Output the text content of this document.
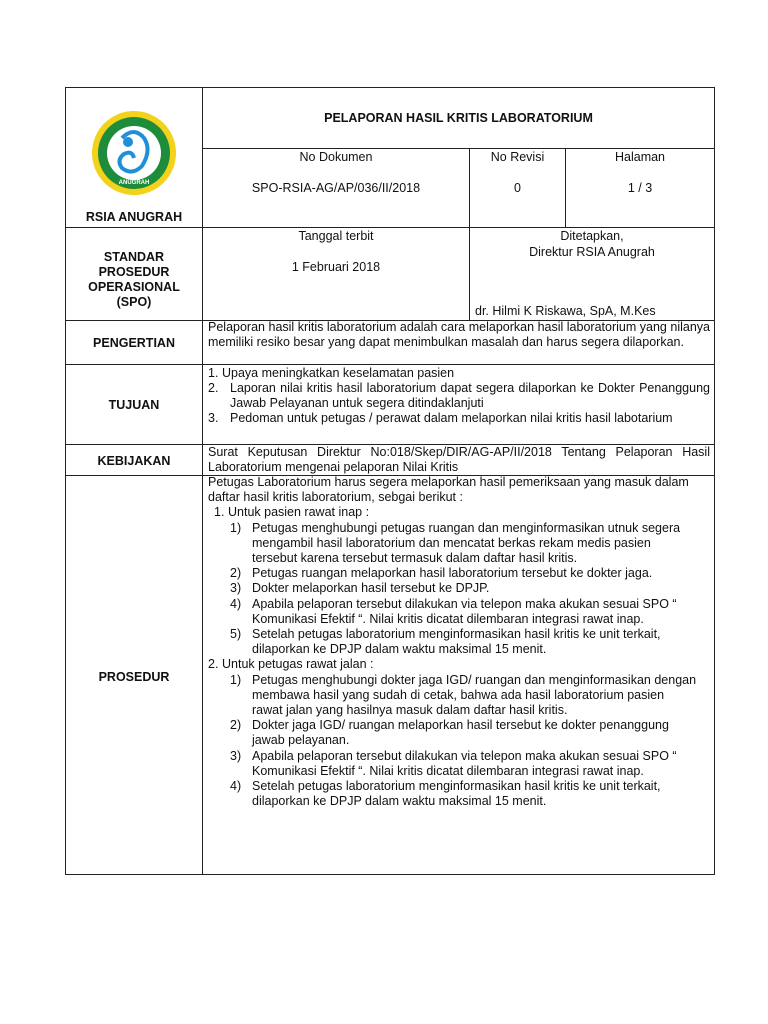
RSIA ANUGRAH
RSIA ANUGRAH
PELAPORAN HASIL KRITIS LABORATORIUM
No Dokumen
SPO-RSIA-AG/AP/036/II/2018
No Revisi
0
Halaman
1 / 3
STANDAR
PROSEDUR
OPERASIONAL
(SPO)
Tanggal terbit
1 Februari 2018
Ditetapkan,
Direktur RSIA Anugrah
dr. Hilmi K Riskawa, SpA, M.Kes
PENGERTIAN
Pelaporan hasil kritis laboratorium adalah cara melaporkan hasil laboratorium yang nilanya memiliki resiko besar yang dapat menimbulkan masalah dan harus segera dilaporkan.
TUJUAN
1. Upaya meningkatkan keselamatan pasien
2. Laporan nilai kritis hasil laboratorium dapat segera dilaporkan ke Dokter Penanggung Jawab Pelayanan untuk segera ditindaklanjuti
3. Pedoman untuk petugas / perawat dalam melaporkan nilai kritis hasil labotarium
KEBIJAKAN
Surat Keputusan Direktur No:018/Skep/DIR/AG-AP/II/2018 Tentang Pelaporan Hasil Laboratorium mengenai pelaporan Nilai Kritis
PROSEDUR
Petugas Laboratorium harus segera melaporkan hasil pemeriksaan yang masuk dalam daftar hasil kritis laboratorium, sebgai berikut :
1. Untuk pasien rawat inap :
1) Petugas menghubungi petugas ruangan dan menginformasikan utnuk segera mengambil hasil laboratorium dan mencatat berkas rekam medis pasien tersebut karena tersebut termasuk dalam daftar hasil kritis.
2) Petugas ruangan melaporkan hasil laboratorium tersebut ke dokter jaga.
3) Dokter melaporkan hasil tersebut ke DPJP.
4) Apabila pelaporan tersebut dilakukan via telepon maka akukan sesuai SPO “ Komunikasi Efektif “. Nilai kritis dicatat dilembaran integrasi rawat inap.
5) Setelah petugas laboratorium menginformasikan hasil kritis ke unit terkait, dilaporkan ke DPJP dalam waktu maksimal 15 menit.
2. Untuk petugas rawat jalan :
1) Petugas menghubungi dokter jaga IGD/ ruangan dan menginformasikan dengan membawa hasil yang sudah di cetak, bahwa ada hasil laboratorium pasien rawat jalan yang hasilnya masuk dalam daftar hasil kritis.
2) Dokter jaga IGD/ ruangan melaporkan hasil tersebut ke dokter penanggung jawab pelayanan.
3) Apabila pelaporan tersebut dilakukan via telepon maka akukan sesuai SPO “ Komunikasi Efektif “. Nilai kritis dicatat dilembaran integrasi rawat inap.
4) Setelah petugas laboratorium menginformasikan hasil kritis ke unit terkait, dilaporkan ke DPJP dalam waktu maksimal 15 menit.
